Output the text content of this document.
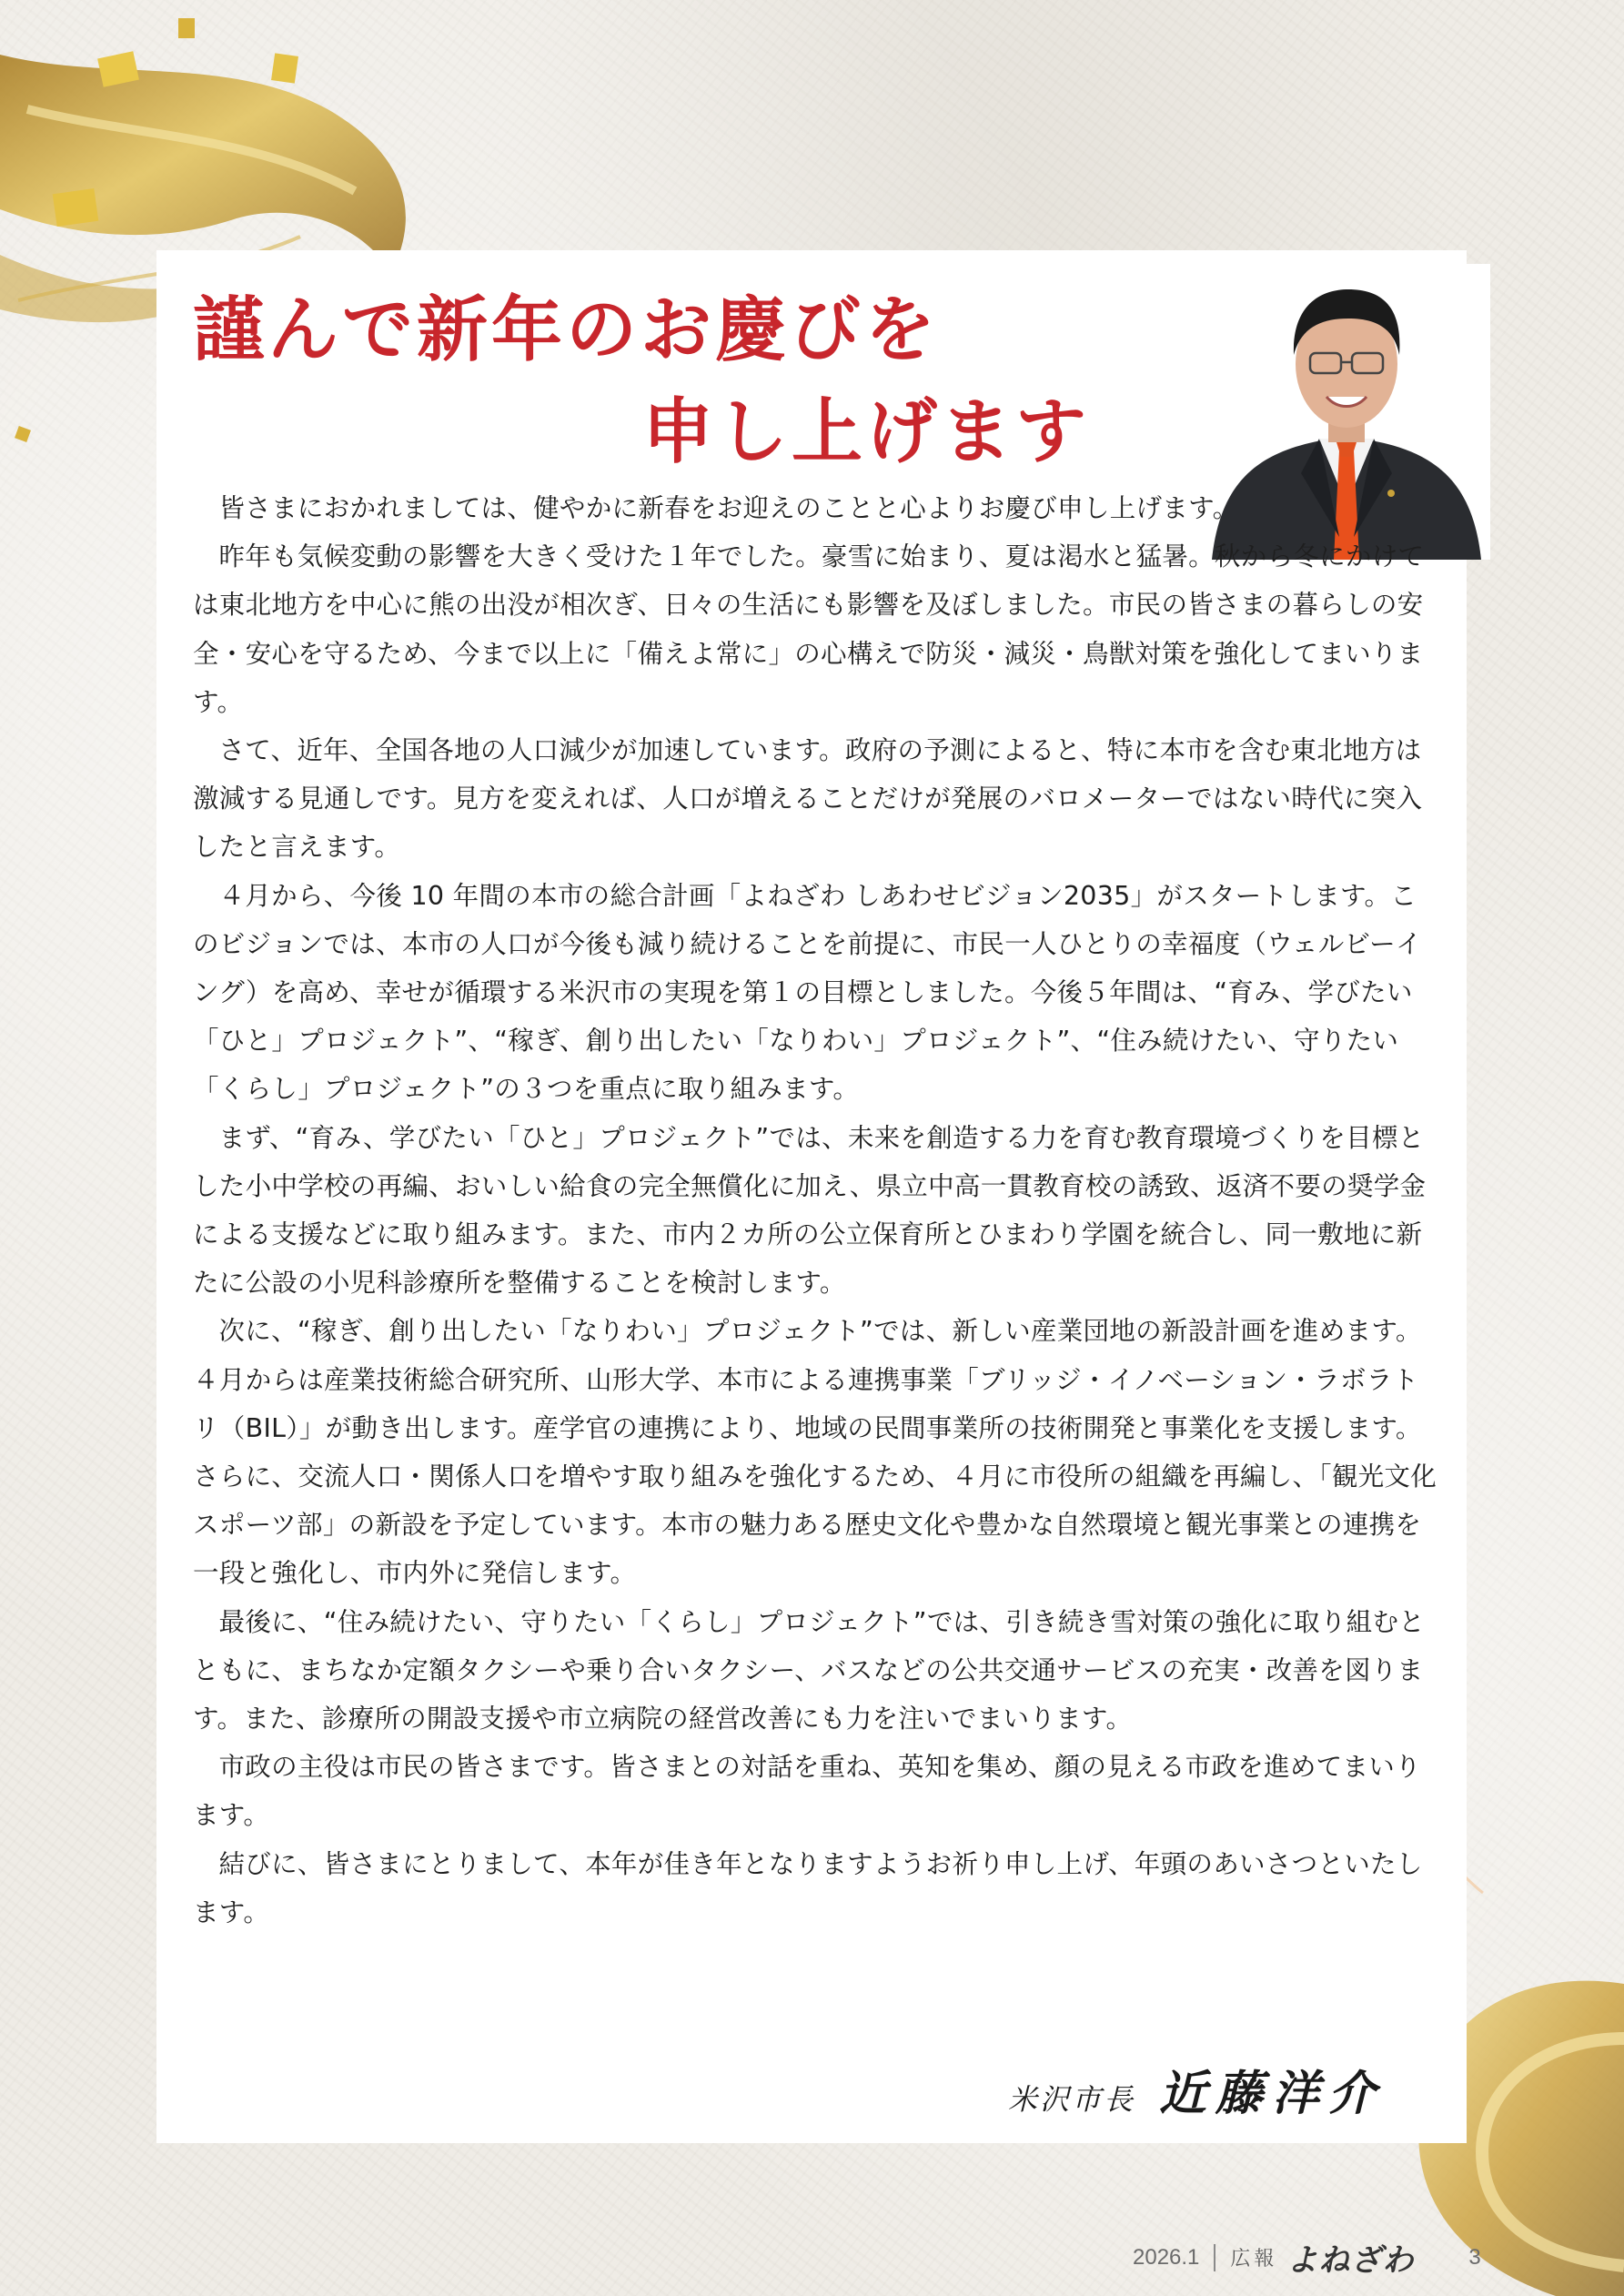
謹んで新年のお慶びを
申し上げます

皆さまにおかれましては、健やかに新春をお迎えのことと心よりお慶び申し上げます。

昨年も気候変動の影響を大きく受けた１年でした。豪雪に始まり、夏は渇水と猛暑。秋から冬にかけては東北地方を中心に熊の出没が相次ぎ、日々の生活にも影響を及ぼしました。市民の皆さまの暮らしの安全・安心を守るため、今まで以上に「備えよ常に」の心構えで防災・減災・鳥獣対策を強化してまいります。

さて、近年、全国各地の人口減少が加速しています。政府の予測によると、特に本市を含む東北地方は激減する見通しです。見方を変えれば、人口が増えることだけが発展のバロメーターではない時代に突入したと言えます。

４月から、今後 10 年間の本市の総合計画「よねざわ しあわせビジョン2035」がスタートします。このビジョンでは、本市の人口が今後も減り続けることを前提に、市民一人ひとりの幸福度（ウェルビーイング）を高め、幸せが循環する米沢市の実現を第１の目標としました。今後５年間は、“育み、学びたい「ひと」プロジェクト”、“稼ぎ、創り出したい「なりわい」プロジェクト”、“住み続けたい、守りたい「くらし」プロジェクト”の３つを重点に取り組みます。

まず、“育み、学びたい「ひと」プロジェクト”では、未来を創造する力を育む教育環境づくりを目標とした小中学校の再編、おいしい給食の完全無償化に加え、県立中高一貫教育校の誘致、返済不要の奨学金による支援などに取り組みます。また、市内２カ所の公立保育所とひまわり学園を統合し、同一敷地に新たに公設の小児科診療所を整備することを検討します。

次に、“稼ぎ、創り出したい「なりわい」プロジェクト”では、新しい産業団地の新設計画を進めます。４月からは産業技術総合研究所、山形大学、本市による連携事業「ブリッジ・イノベーション・ラボラトリ（BIL）」が動き出します。産学官の連携により、地域の民間事業所の技術開発と事業化を支援します。さらに、交流人口・関係人口を増やす取り組みを強化するため、４月に市役所の組織を再編し、「観光文化スポーツ部」の新設を予定しています。本市の魅力ある歴史文化や豊かな自然環境と観光事業との連携を一段と強化し、市内外に発信します。

最後に、“住み続けたい、守りたい「くらし」プロジェクト”では、引き続き雪対策の強化に取り組むとともに、まちなか定額タクシーや乗り合いタクシー、バスなどの公共交通サービスの充実・改善を図ります。また、診療所の開設支援や市立病院の経営改善にも力を注いでまいります。

市政の主役は市民の皆さまです。皆さまとの対話を重ね、英知を集め、顔の見える市政を進めてまいります。

結びに、皆さまにとりまして、本年が佳き年となりますようお祈り申し上げ、年頭のあいさつといたします。

米沢市長 近藤洋介
2026.1 広報 よねざわ	3
